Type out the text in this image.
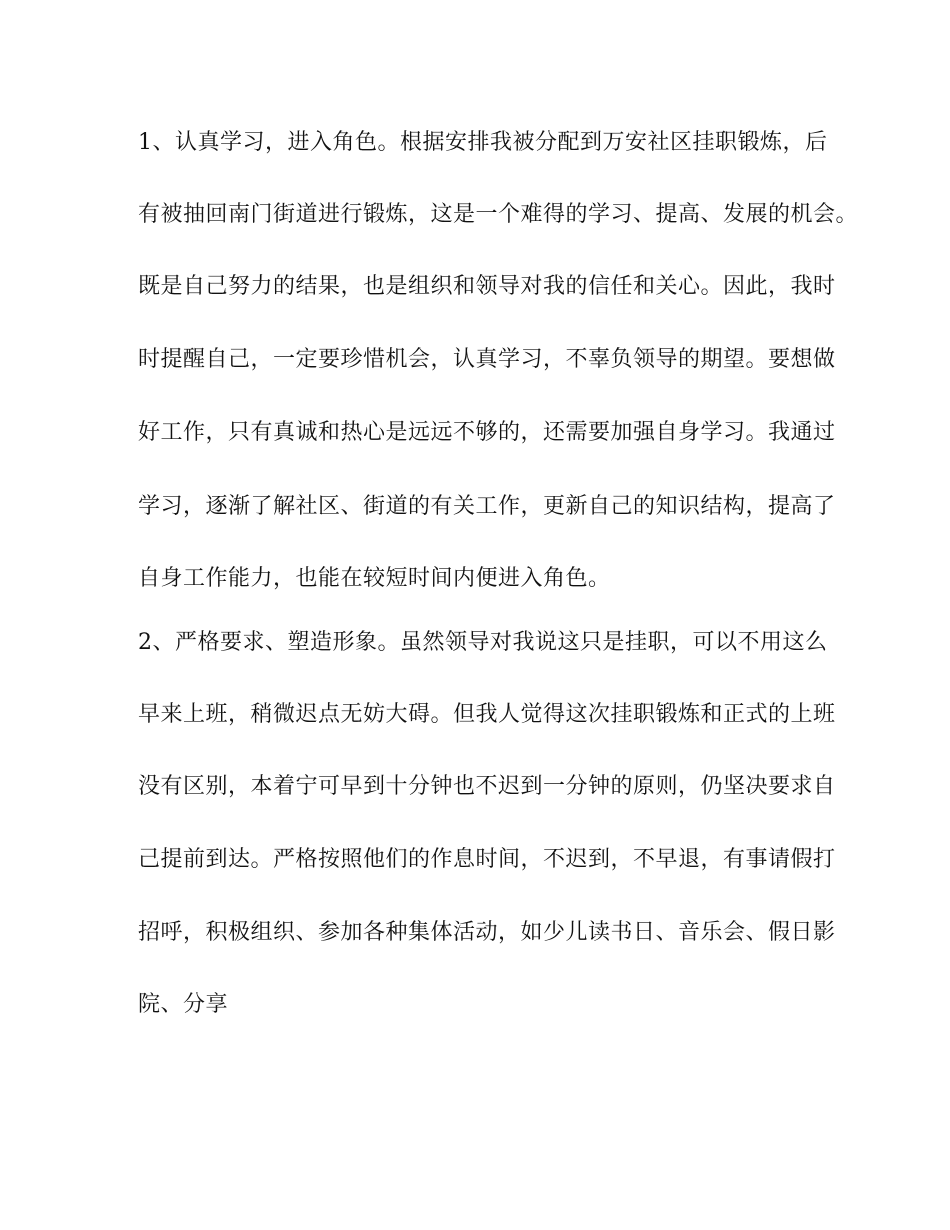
1、认真学习，进入角色。根据安排我被分配到万安社区挂职锻炼，后
有被抽回南门街道进行锻炼，这是一个难得的学习、提高、发展的机会。
既是自己努力的结果，也是组织和领导对我的信任和关心。因此，我时
时提醒自己，一定要珍惜机会，认真学习，不辜负领导的期望。要想做
好工作，只有真诚和热心是远远不够的，还需要加强自身学习。我通过
学习，逐渐了解社区、街道的有关工作，更新自己的知识结构，提高了
自身工作能力，也能在较短时间内便进入角色。
2、严格要求、塑造形象。虽然领导对我说这只是挂职，可以不用这么
早来上班，稍微迟点无妨大碍。但我人觉得这次挂职锻炼和正式的上班
没有区别，本着宁可早到十分钟也不迟到一分钟的原则，仍坚决要求自
己提前到达。严格按照他们的作息时间，不迟到，不早退，有事请假打
招呼，积极组织、参加各种集体活动，如少儿读书日、音乐会、假日影
院、分享
